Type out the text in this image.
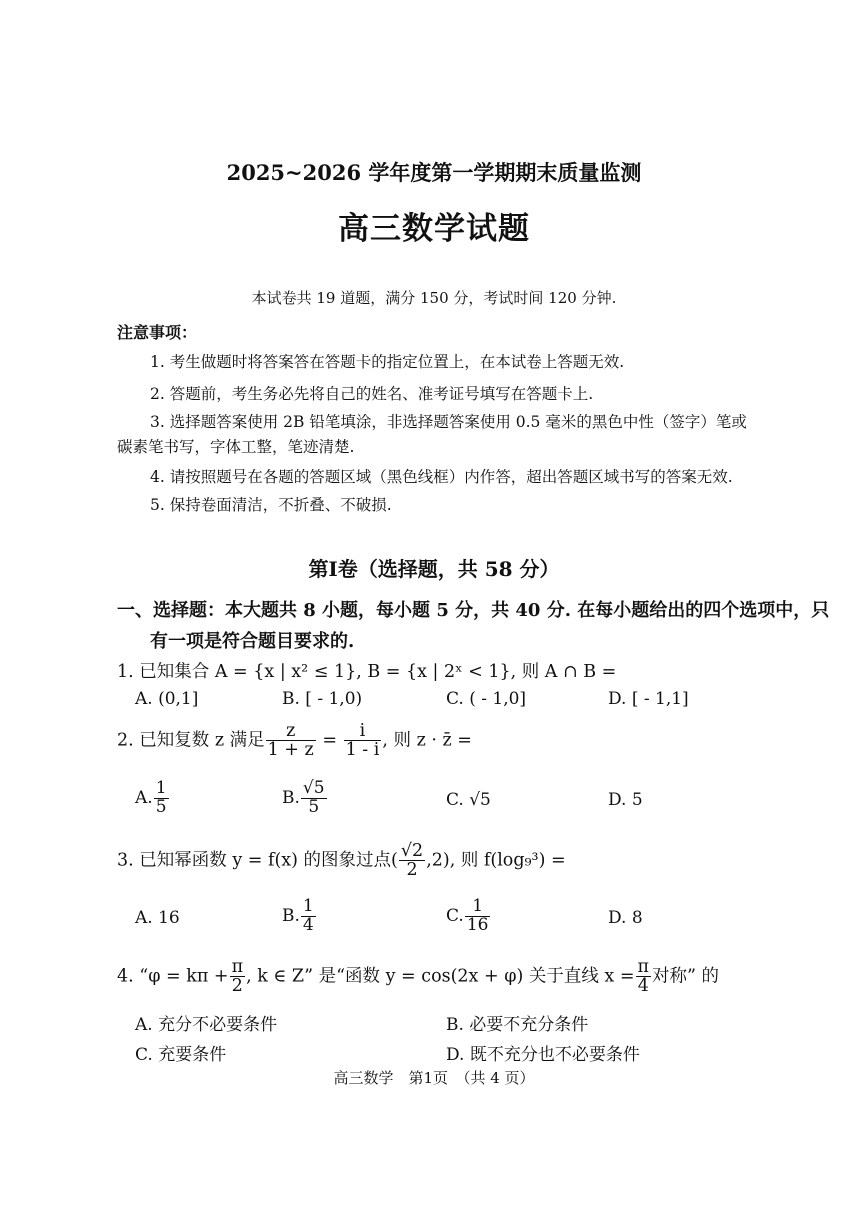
2025~2026 学年度第一学期期末质量监测
高三数学试题
本试卷共 19 道题，满分 150 分，考试时间 120 分钟.
注意事项：
1. 考生做题时将答案答在答题卡的指定位置上，在本试卷上答题无效.
2. 答题前，考生务必先将自己的姓名、准考证号填写在答题卡上.
3. 选择题答案使用 2B 铅笔填涂，非选择题答案使用 0.5 毫米的黑色中性（签字）笔或
碳素笔书写，字体工整，笔迹清楚.
4. 请按照题号在各题的答题区域（黑色线框）内作答，超出答题区域书写的答案无效.
5. 保持卷面清洁，不折叠、不破损.
第Ⅰ卷（选择题，共 58 分）
一、选择题：本大题共 8 小题，每小题 5 分，共 40 分. 在每小题给出的四个选项中，只
有一项是符合题目要求的.
1. 已知集合 A = {x | x² ≤ 1}, B = {x | 2ˣ < 1}, 则 A ∩ B =
A. (0,1]	B. [ - 1,0)	C. ( - 1,0]	D. [ - 1,1]
2. 已知复数 z 满足 $\frac{z}{1 + z} = \frac{i}{1 - i}$ , 则 z · z̄ =
A. $\frac{1}{5}$	B. $\frac{√5}{5}$	C. √5	D. 5
3. 已知幂函数 y = f(x) 的图象过点( $\frac{√2}{2} ,2$), 则 f(log₉³) =
A. 16	B. $\frac{1}{4}$	C. $\frac{1}{16}$	D. 8
4. “$\varphi = k\pi + \frac{\pi}{2}$ , k ∈ Z” 是“函数 y = cos(2x + φ) 关于直线 $x = \frac{\pi}{4}$ 对称” 的
A. 充分不必要条件	B. 必要不充分条件
C. 充要条件	D. 既不充分也不必要条件
高三数学　第1页　（共 4 页）
